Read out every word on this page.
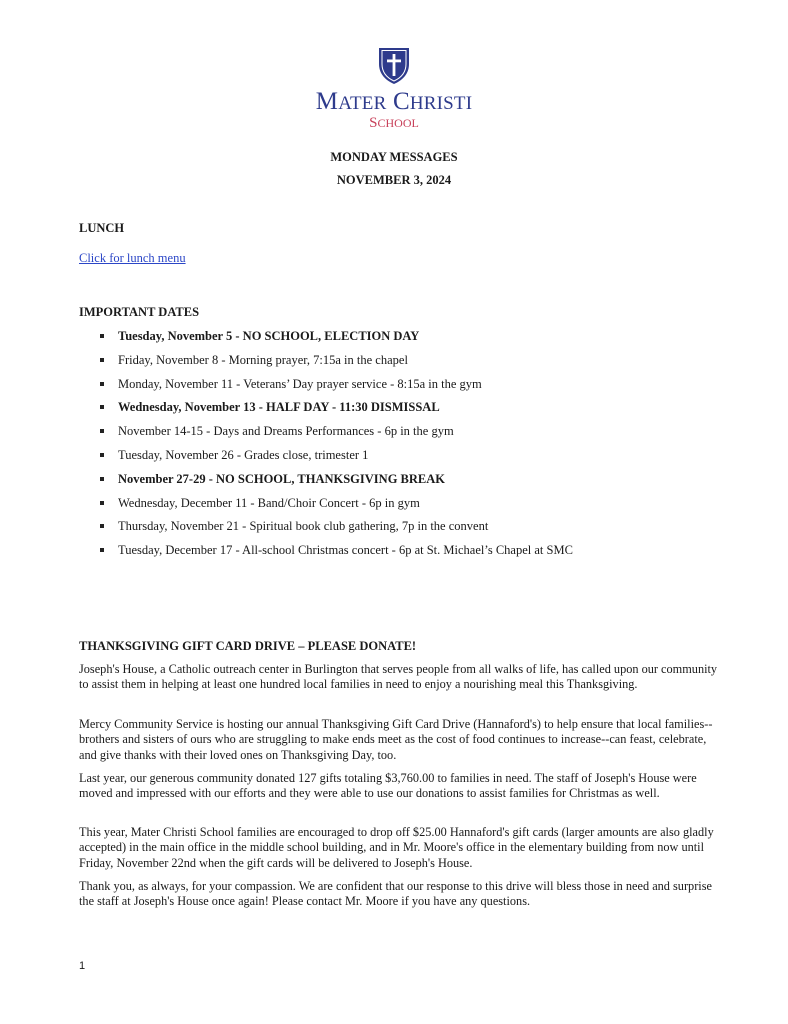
MATER CHRISTI
SCHOOL
MONDAY MESSAGES
NOVEMBER 3, 2024
LUNCH
Click for lunch menu
IMPORTANT DATES
Tuesday, November 5 - NO SCHOOL, ELECTION DAY
Friday, November 8 - Morning prayer, 7:15a in the chapel
Monday, November 11 - Veterans’ Day prayer service - 8:15a in the gym
Wednesday, November 13 - HALF DAY - 11:30 DISMISSAL
November 14-15 - Days and Dreams Performances - 6p in the gym
Tuesday, November 26 - Grades close, trimester 1
November 27-29 - NO SCHOOL, THANKSGIVING BREAK
Wednesday, December 11 - Band/Choir Concert - 6p in gym
Thursday, November 21 - Spiritual book club gathering, 7p in the convent
Tuesday, December 17 - All-school Christmas concert - 6p at St. Michael’s Chapel at SMC
THANKSGIVING GIFT CARD DRIVE – PLEASE DONATE!

Joseph's House, a Catholic outreach center in Burlington that serves people from all walks of life, has called upon our community to assist them in helping at least one hundred local families in need to enjoy a nourishing meal this Thanksgiving.

Mercy Community Service is hosting our annual Thanksgiving Gift Card Drive (Hannaford's) to help ensure that local families--brothers and sisters of ours who are struggling to make ends meet as the cost of food continues to increase--can feast, celebrate, and give thanks with their loved ones on Thanksgiving Day, too.

Last year, our generous community donated 127 gifts totaling $3,760.00 to families in need. The staff of Joseph's House were moved and impressed with our efforts and they were able to use our donations to assist families for Christmas as well.

This year, Mater Christi School families are encouraged to drop off $25.00 Hannaford's gift cards (larger amounts are also gladly accepted) in the main office in the middle school building, and in Mr. Moore's office in the elementary building from now until Friday, November 22nd when the gift cards will be delivered to Joseph's House.

Thank you, as always, for your compassion. We are confident that our response to this drive will bless those in need and surprise the staff at Joseph's House once again! Please contact Mr. Moore if you have any questions.

1
